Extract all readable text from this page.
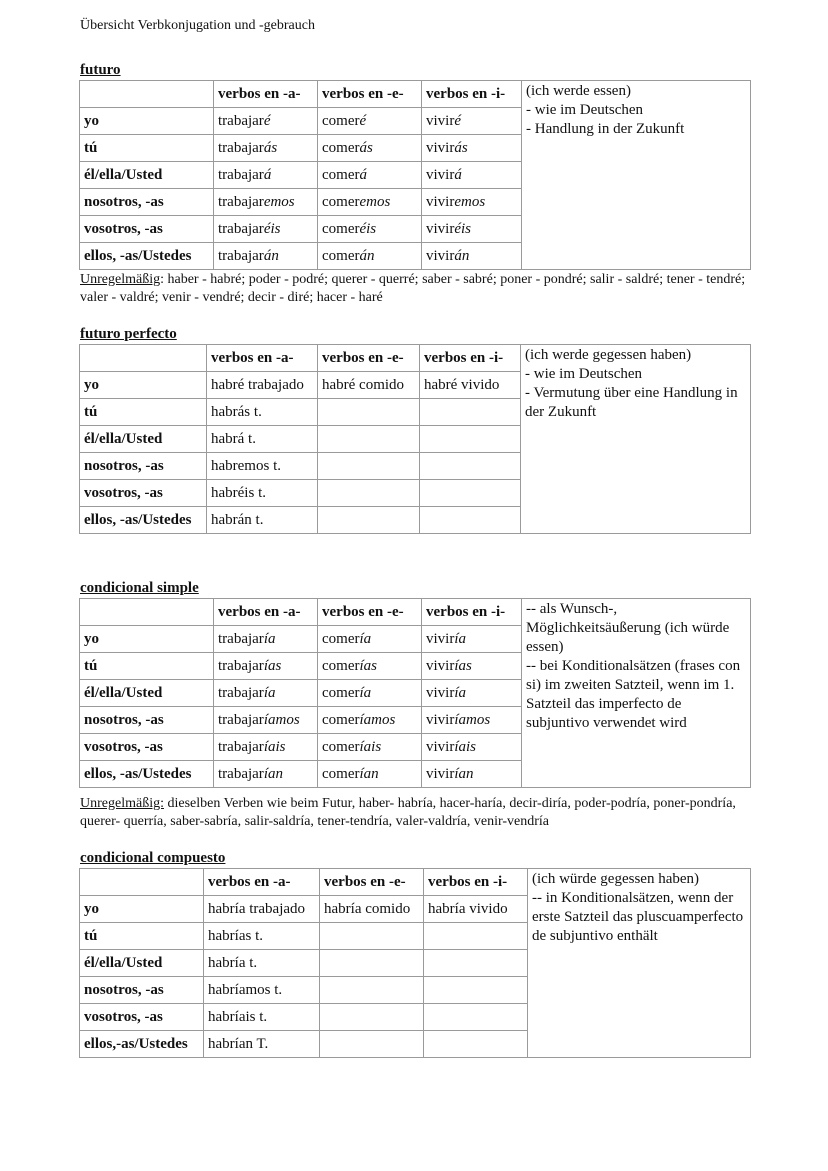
Übersicht Verbkonjugation und -gebrauch
futuro
	verbos en -a-	verbos en -e-	verbos en -i-	(ich werde essen)
- wie im Deutschen
- Handlung in der Zukunft

yo	trabajaré	comeré	viviré	
tú	trabajarás	comerás	vivirás	
él/ella/Usted	trabajará	comerá	vivirá	
nosotros, -as	trabajaremos	comeremos	viviremos	
vosotros, -as	trabajaréis	comeréis	viviréis	
ellos, -as/Ustedes	trabajarán	comerán	vivirán	
Unregelmäßig: haber - habré; poder - podré; querer - querré; saber - sabré; poner - pondré; salir - saldré; tener - tendré; valer - valdré; venir - vendré; decir - diré; hacer - haré
futuro perfecto
	verbos en -a-	verbos en -e-	verbos en -i-	(ich werde gegessen haben)
- wie im Deutschen
- Vermutung über eine Handlung in der Zukunft

yo	habré trabajado	habré comido	habré vivido	
tú	habrás t.			
él/ella/Usted	habrá t.			
nosotros, -as	habremos t.			
vosotros, -as	habréis t.			
ellos, -as/Ustedes	habrán t.			
condicional simple
	verbos en -a-	verbos en -e-	verbos en -i-	-- als Wunsch-, Möglichkeitsäußerung (ich würde essen)
-- bei Konditionalsätzen (frases con si) im zweiten Satzteil, wenn im 1. Satzteil das imperfecto de subjuntivo verwendet wird

yo	trabajaría	comería	viviría	
tú	trabajarías	comerías	vivirías	
él/ella/Usted	trabajaría	comería	viviría	
nosotros, -as	trabajaríamos	comeríamos	viviríamos	
vosotros, -as	trabajaríais	comeríais	viviríais	
ellos, -as/Ustedes	trabajarían	comerían	vivirían	
Unregelmäßig: dieselben Verben wie beim Futur, haber- habría, hacer-haría, decir-diría, poder-podría, poner-pondría, querer- querría, saber-sabría, salir-saldría, tener-tendría, valer-valdría, venir-vendría
condicional compuesto
	verbos en -a-	verbos en -e-	verbos en -i-	(ich würde gegessen haben)
-- in Konditionalsätzen, wenn der erste Satzteil das pluscuamperfecto de subjuntivo enthält

yo	habría trabajado	habría comido	habría vivido	
tú	habrías t.			
él/ella/Usted	habría t.			
nosotros, -as	habríamos t.			
vosotros, -as	habríais t.			
ellos,-as/Ustedes	habrían T.			
